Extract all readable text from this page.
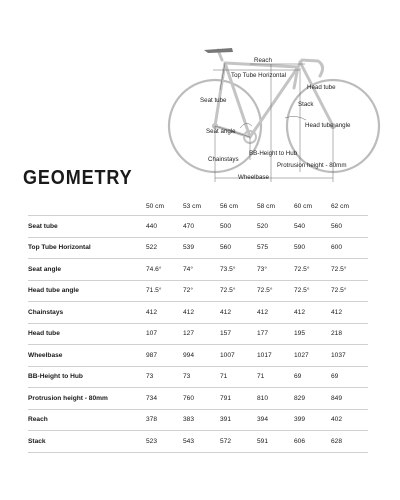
Reach
Top Tube Horizontal
Head tube
Seat tube
Stack
Head tube angle
Seat angle
BB-Height to Hub
Chainstays
Protrusion height - 80mm
Wheelbase
GEOMETRY
	50 cm	53 cm	56 cm	58 cm	60 cm	62 cm
Seat tube	440	470	500	520	540	560
Top Tube Horizontal	522	539	560	575	590	600
Seat angle	74.6°	74°	73.5°	73°	72.5°	72.5°
Head tube angle	71.5°	72°	72.5°	72.5°	72.5°	72.5°
Chainstays	412	412	412	412	412	412
Head tube	107	127	157	177	195	218
Wheelbase	987	994	1007	1017	1027	1037
BB-Height to Hub	73	73	71	71	69	69
Protrusion height - 80mm	734	760	791	810	829	849
Reach	378	383	391	394	399	402
Stack	523	543	572	591	606	628
